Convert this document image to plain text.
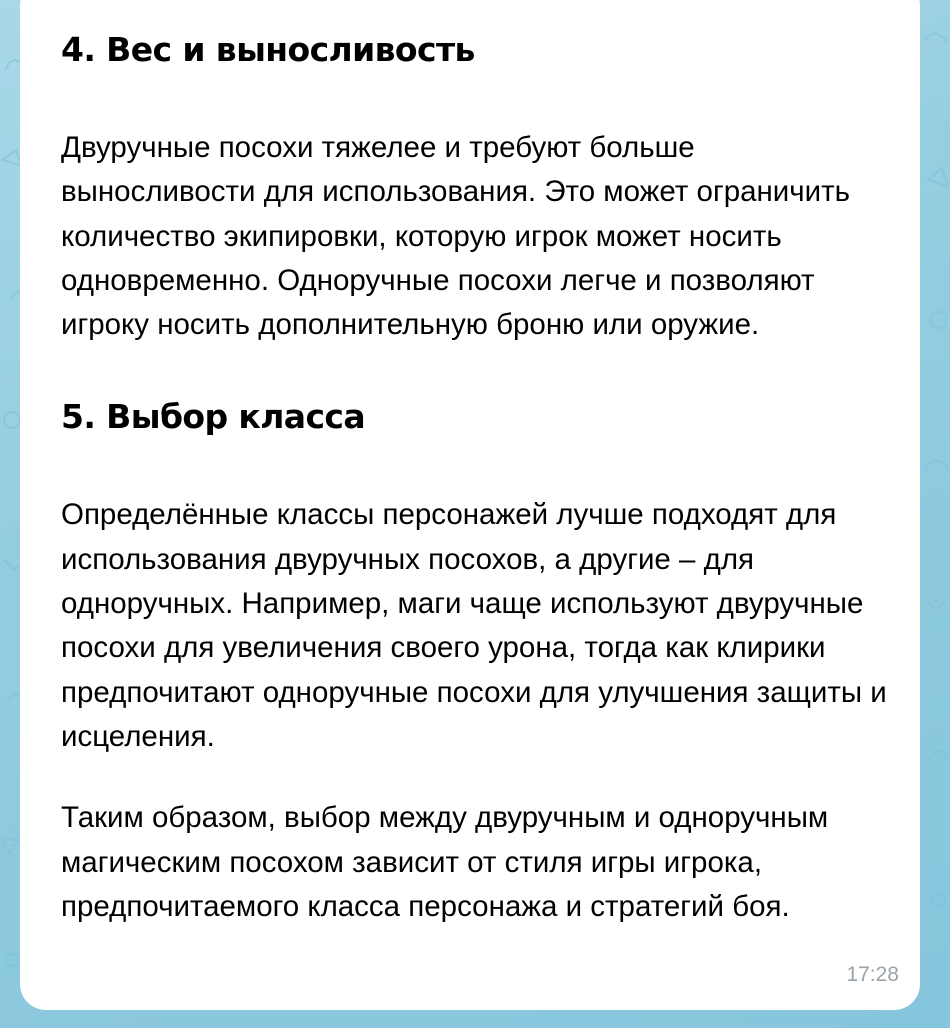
4. Вес и выносливость

Двуручные посохи тяжелее и требуют больше выносливости для использования. Это может ограничить количество экипировки, которую игрок может носить одновременно. Одноручные посохи легче и позволяют игроку носить дополнительную броню или оружие.

5. Выбор класса

Определённые классы персонажей лучше подходят для использования двуручных посохов, а другие – для одноручных. Например, маги чаще используют двуручные посохи для увеличения своего урона, тогда как клирики предпочитают одноручные посохи для улучшения защиты и исцеления.

Таким образом, выбор между двуручным и одноручным магическим посохом зависит от стиля игры игрока, предпочитаемого класса персонажа и стратегий боя.

17:28
